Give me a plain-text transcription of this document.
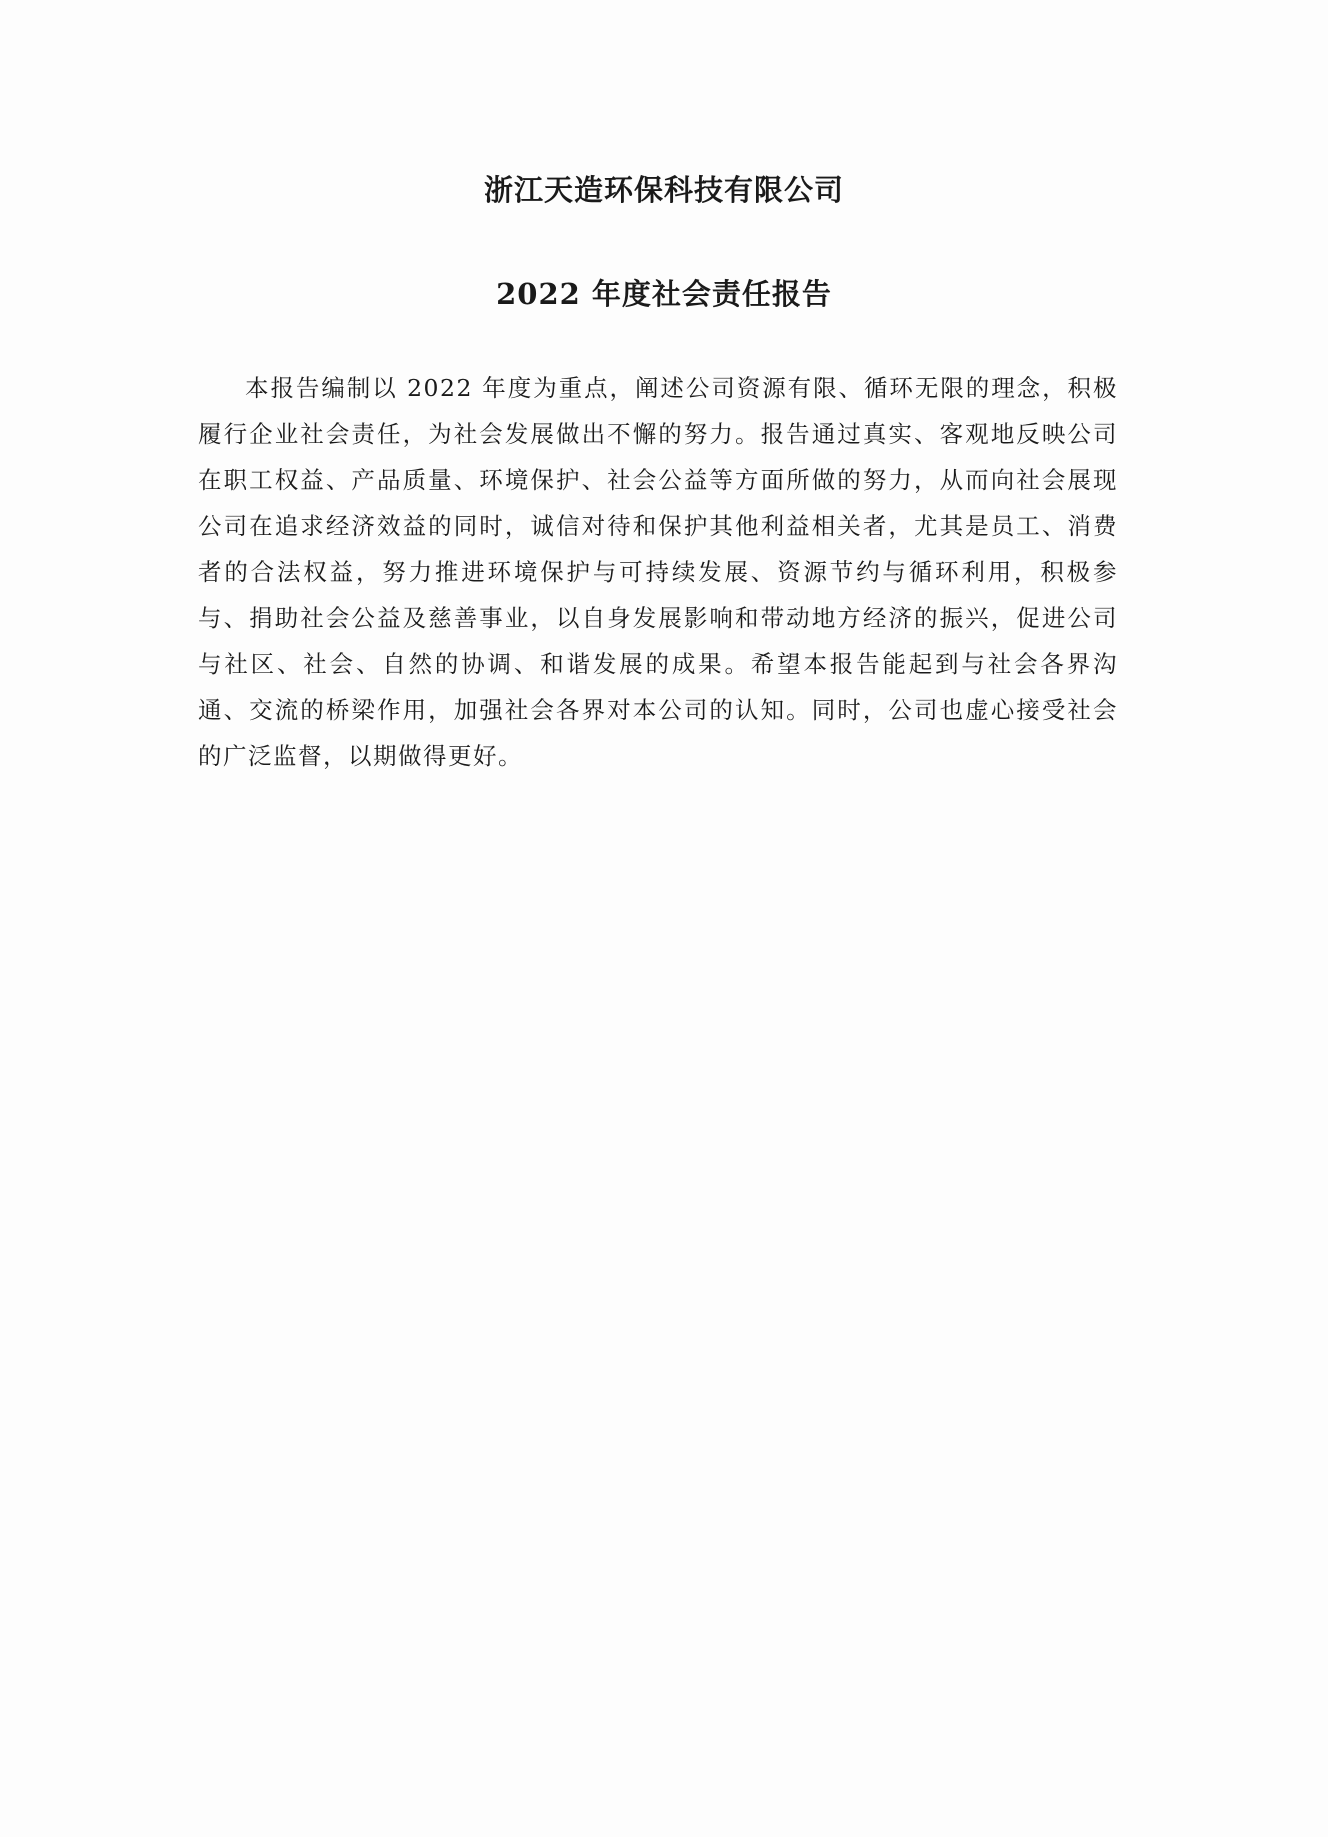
浙江天造环保科技有限公司
2022 年度社会责任报告

本报告编制以 2022 年度为重点，阐述公司资源有限、循环无限的理念，积极履行企业社会责任，为社会发展做出不懈的努力。报告通过真实、客观地反映公司在职工权益、产品质量、环境保护、社会公益等方面所做的努力，从而向社会展现公司在追求经济效益的同时，诚信对待和保护其他利益相关者，尤其是员工、消费者的合法权益，努力推进环境保护与可持续发展、资源节约与循环利用，积极参与、捐助社会公益及慈善事业，以自身发展影响和带动地方经济的振兴，促进公司与社区、社会、自然的协调、和谐发展的成果。希望本报告能起到与社会各界沟通、交流的桥梁作用，加强社会各界对本公司的认知。同时，公司也虚心接受社会的广泛监督，以期做得更好。
